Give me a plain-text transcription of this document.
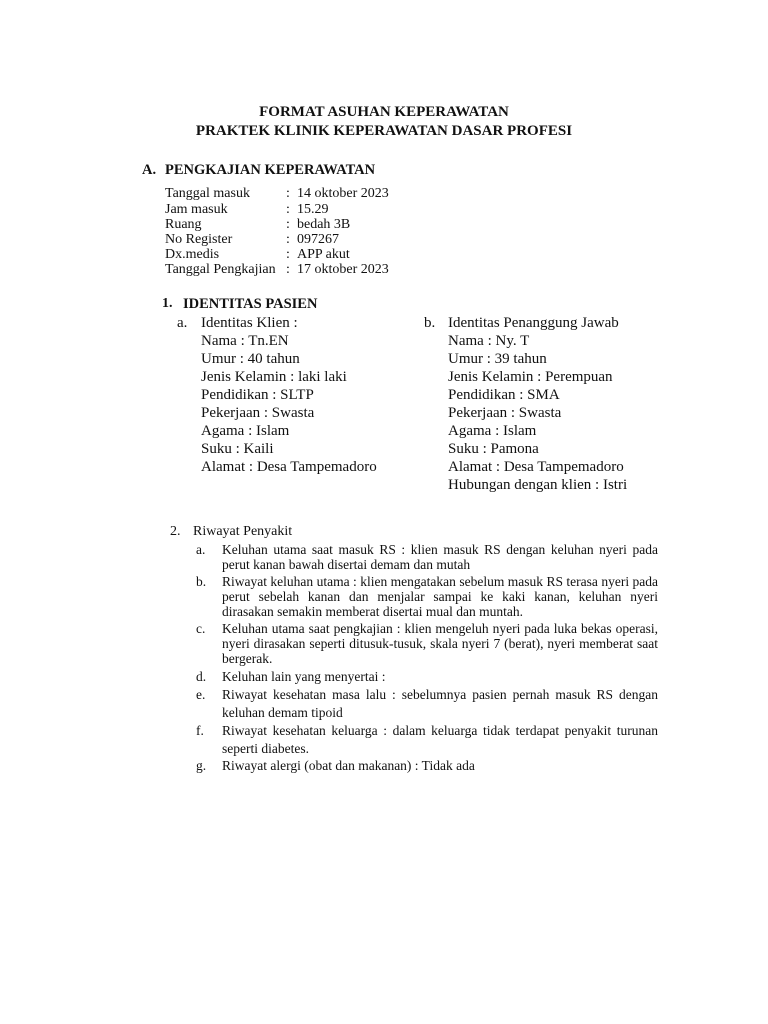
FORMAT ASUHAN KEPERAWATAN
PRAKTEK KLINIK KEPERAWATAN DASAR PROFESI
A. PENGKAJIAN KEPERAWATAN
Tanggal masuk	: 14 oktober 2023
Jam masuk	: 15.29
Ruang	: bedah 3B
No Register	: 097267
Dx.medis	: APP akut
Tanggal Pengkajian : 17 oktober 2023
1. IDENTITAS PASIEN
a. Identitas Klien :
Nama : Tn.EN
Umur : 40 tahun
Jenis Kelamin : laki laki
Pendidikan : SLTP
Pekerjaan : Swasta
Agama : Islam
Suku : Kaili
Alamat : Desa Tampemadoro
b. Identitas Penanggung Jawab
Nama : Ny. T
Umur : 39 tahun
Jenis Kelamin : Perempuan
Pendidikan : SMA
Pekerjaan : Swasta
Agama : Islam
Suku : Pamona
Alamat : Desa Tampemadoro
Hubungan dengan klien : Istri
2. Riwayat Penyakit
a. Keluhan utama saat masuk RS : klien masuk RS dengan keluhan nyeri pada perut kanan bawah disertai demam dan mutah
b. Riwayat keluhan utama : klien mengatakan sebelum masuk RS terasa nyeri pada perut sebelah kanan dan menjalar sampai ke kaki kanan, keluhan nyeri dirasakan semakin memberat disertai mual dan muntah.
c. Keluhan utama saat pengkajian : klien mengeluh nyeri pada luka bekas operasi, nyeri dirasakan seperti ditusuk-tusuk, skala nyeri 7 (berat), nyeri memberat saat bergerak.
d. Keluhan lain yang menyertai :
e. Riwayat kesehatan masa lalu : sebelumnya pasien pernah masuk RS dengan keluhan demam tipoid
f. Riwayat kesehatan keluarga : dalam keluarga tidak terdapat penyakit turunan seperti diabetes.
g. Riwayat alergi (obat dan makanan) : Tidak ada
